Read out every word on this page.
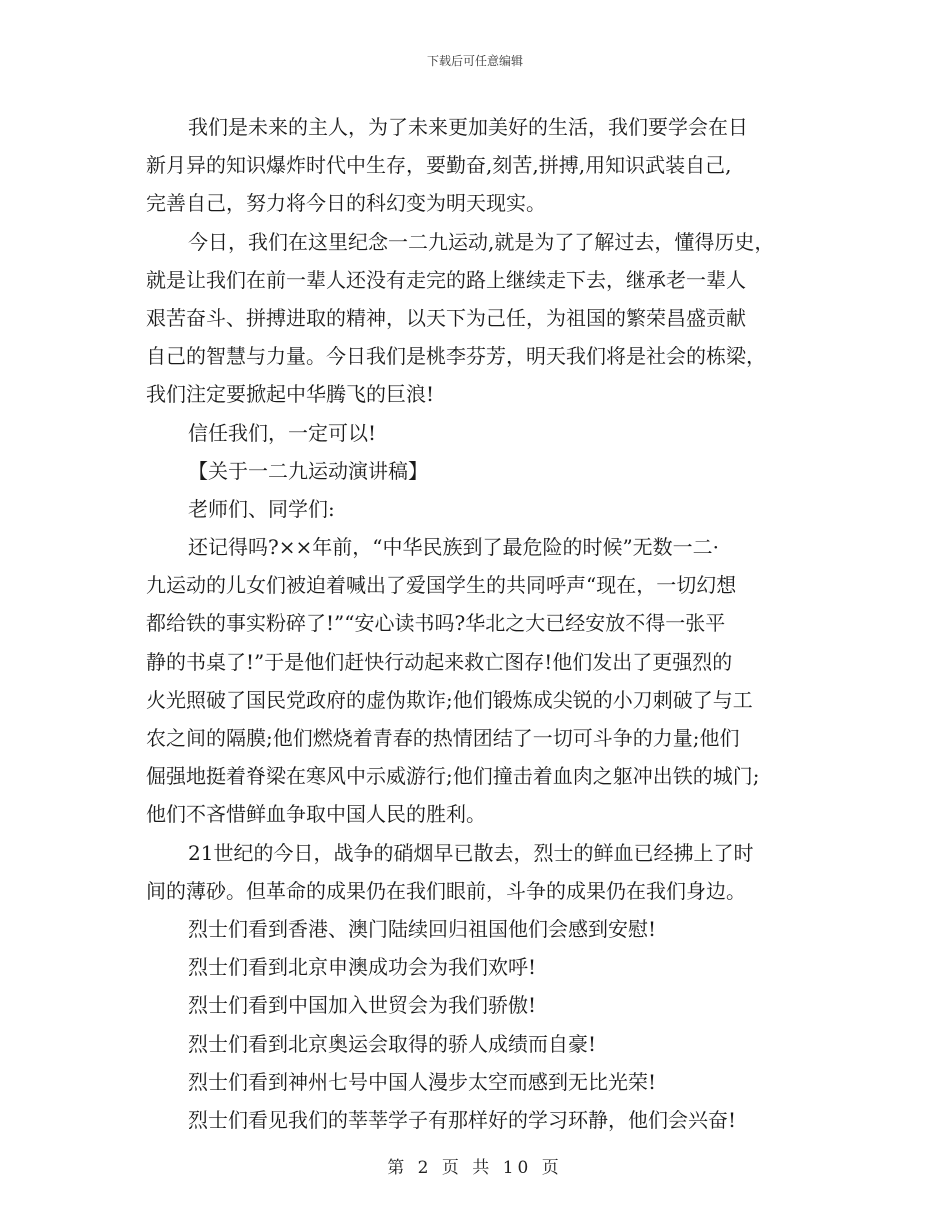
下载后可任意编辑
我们是未来的主人，为了未来更加美好的生活，我们要学会在日
新月异的知识爆炸时代中生存，要勤奋,刻苦,拼搏,用知识武装自己,
完善自己，努力将今日的科幻变为明天现实。
今日，我们在这里纪念一二九运动,就是为了了解过去，懂得历史，
就是让我们在前一辈人还没有走完的路上继续走下去，继承老一辈人
艰苦奋斗、拼搏进取的精神，以天下为己任，为祖国的繁荣昌盛贡献
自己的智慧与力量。今日我们是桃李芬芳，明天我们将是社会的栋梁，
我们注定要掀起中华腾飞的巨浪!
信任我们，一定可以!
【关于一二九运动演讲稿】
老师们、同学们:
还记得吗?××年前，“中华民族到了最危险的时候”无数一二·
九运动的儿女们被迫着喊出了爱国学生的共同呼声“现在，一切幻想
都给铁的事实粉碎了!”“安心读书吗?华北之大已经安放不得一张平
静的书桌了!”于是他们赶快行动起来救亡图存!他们发出了更强烈的
火光照破了国民党政府的虚伪欺诈;他们锻炼成尖锐的小刀刺破了与工
农之间的隔膜;他们燃烧着青春的热情团结了一切可斗争的力量;他们
倔强地挺着脊梁在寒风中示威游行;他们撞击着血肉之躯冲出铁的城门;
他们不吝惜鲜血争取中国人民的胜利。
21世纪的今日，战争的硝烟早已散去，烈士的鲜血已经拂上了时
间的薄砂。但革命的成果仍在我们眼前，斗争的成果仍在我们身边。
烈士们看到香港、澳门陆续回归祖国他们会感到安慰!
烈士们看到北京申澳成功会为我们欢呼!
烈士们看到中国加入世贸会为我们骄傲!
烈士们看到北京奥运会取得的骄人成绩而自豪!
烈士们看到神州七号中国人漫步太空而感到无比光荣!
烈士们看见我们的莘莘学子有那样好的学习环静，他们会兴奋!
第 2 页 共 10 页
